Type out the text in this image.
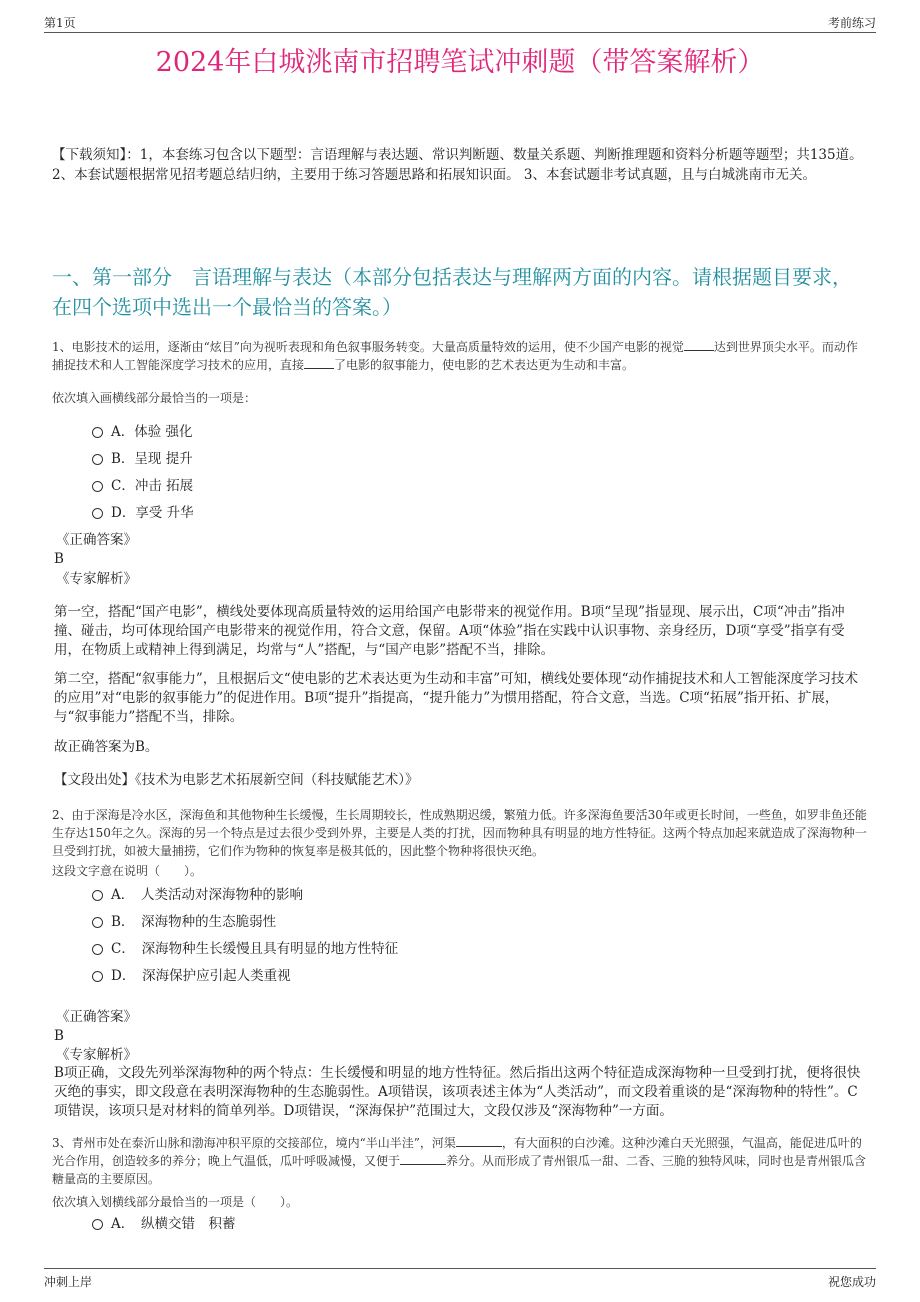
第1页	考前练习
2024年白城洮南市招聘笔试冲刺题（带答案解析）

【下载须知】：1，本套练习包含以下题型：言语理解与表达题、常识判断题、数量关系题、判断推理题和资料分析题等题型；共135道。 2、本套试题根据常见招考题总结归纳，主要用于练习答题思路和拓展知识面。 3、本套试题非考试真题，且与白城洮南市无关。

一、第一部分　言语理解与表达（本部分包括表达与理解两方面的内容。请根据题目要求，在四个选项中选出一个最恰当的答案。）

1、电影技术的运用，逐渐由“炫目”向为视听表现和角色叙事服务转变。大量高质量特效的运用，使不少国产电影的视觉	达到世界顶尖水平。而动作捕捉技术和人工智能深度学习技术的应用，直接	了电影的叙事能力，使电影的艺术表达更为生动和丰富。

依次填入画横线部分最恰当的一项是：

A．体验 强化
B．呈现 提升
C．冲击 拓展
D．享受 升华

《正确答案》

B

《专家解析》

第一空，搭配“国产电影”，横线处要体现高质量特效的运用给国产电影带来的视觉作用。B项“呈现”指显现、展示出，C项“冲击”指冲撞、碰击，均可体现给国产电影带来的视觉作用，符合文意，保留。A项“体验”指在实践中认识事物、亲身经历，D项“享受”指享有受用，在物质上或精神上得到满足，均常与“人”搭配，与“国产电影”搭配不当，排除。

第二空，搭配“叙事能力”，且根据后文“使电影的艺术表达更为生动和丰富”可知，横线处要体现“动作捕捉技术和人工智能深度学习技术的应用”对“电影的叙事能力”的促进作用。B项“提升”指提高，“提升能力”为惯用搭配，符合文意，当选。C项“拓展”指开拓、扩展，与“叙事能力”搭配不当，排除。

故正确答案为B。

【文段出处】《技术为电影艺术拓展新空间（科技赋能艺术）》

2、由于深海是冷水区，深海鱼和其他物种生长缓慢，生长周期较长，性成熟期迟缓，繁殖力低。许多深海鱼要活30年或更长时间，一些鱼，如罗非鱼还能生存达150年之久。深海的另一个特点是过去很少受到外界，主要是人类的打扰，因而物种具有明显的地方性特征。这两个特点加起来就造成了深海物种一旦受到打扰，如被大量捕捞，它们作为物种的恢复率是极其低的，因此整个物种将很快灭绝。

这段文字意在说明（　　）。

A．　人类活动对深海物种的影响
B．　深海物种的生态脆弱性
C．　深海物种生长缓慢且具有明显的地方性特征
D．　深海保护应引起人类重视

《正确答案》

B

《专家解析》

B项正确，文段先列举深海物种的两个特点：生长缓慢和明显的地方性特征。然后指出这两个特征造成深海物种一旦受到打扰，便将很快灭绝的事实，即文段意在表明深海物种的生态脆弱性。A项错误，该项表述主体为“人类活动”，而文段着重谈的是“深海物种的特性”。C项错误，该项只是对材料的简单列举。D项错误，“深海保护”范围过大，文段仅涉及“深海物种”一方面。

3、青州市处在泰沂山脉和渤海冲积平原的交接部位，境内“半山半洼”，河渠	，有大面积的白沙滩。这种沙滩白天光照强，气温高，能促进瓜叶的光合作用，创造较多的养分；晚上气温低，瓜叶呼吸减慢，又便于	养分。从而形成了青州银瓜一甜、二香、三脆的独特风味，同时也是青州银瓜含糖量高的主要原因。

依次填入划横线部分最恰当的一项是（　　）。

A．　纵横交错　积蓄
冲刺上岸	祝您成功
